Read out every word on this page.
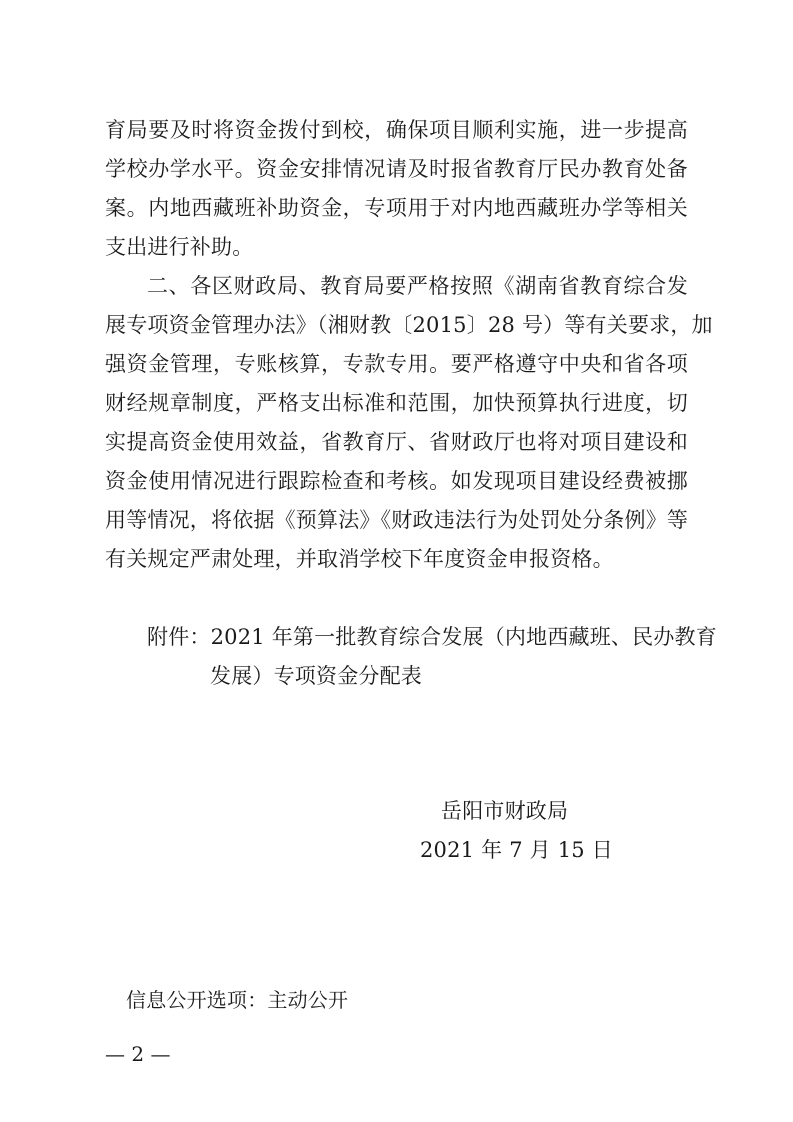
育局要及时将资金拨付到校，确保项目顺利实施，进一步提高
学校办学水平。资金安排情况请及时报省教育厅民办教育处备
案。内地西藏班补助资金，专项用于对内地西藏班办学等相关
支出进行补助。
二、各区财政局、教育局要严格按照《湖南省教育综合发
展专项资金管理办法》（湘财教〔2015〕28 号）等有关要求，加
强资金管理，专账核算，专款专用。要严格遵守中央和省各项
财经规章制度，严格支出标准和范围，加快预算执行进度，切
实提高资金使用效益，省教育厅、省财政厅也将对项目建设和
资金使用情况进行跟踪检查和考核。如发现项目建设经费被挪
用等情况，将依据《预算法》《财政违法行为处罚处分条例》等
有关规定严肃处理，并取消学校下年度资金申报资格。
附件：2021 年第一批教育综合发展（内地西藏班、民办教育
发展）专项资金分配表
岳阳市财政局
2021 年 7 月 15 日
信息公开选项：主动公开
— 2 —
